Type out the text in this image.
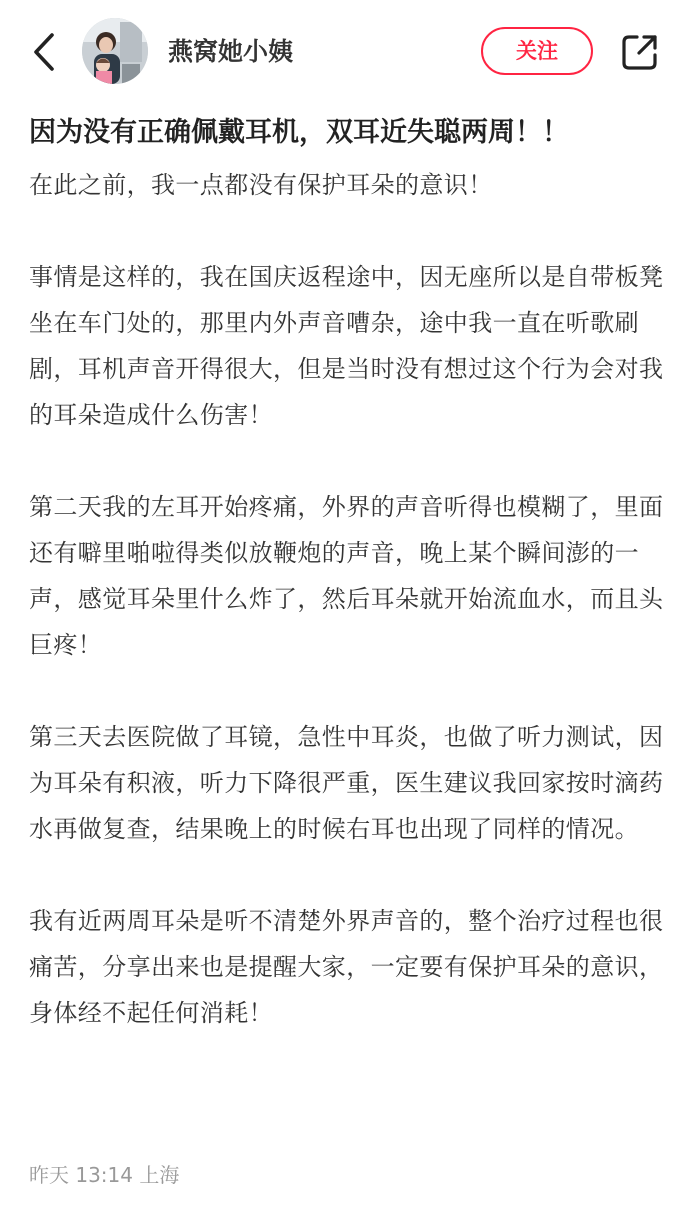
燕窝她小姨	关注
因为没有正确佩戴耳机，双耳近失聪两周！！

在此之前，我一点都没有保护耳朵的意识！

事情是这样的，我在国庆返程途中，因无座所以是自带板凳坐在车门处的，那里内外声音嘈杂，途中我一直在听歌刷剧，耳机声音开得很大，但是当时没有想过这个行为会对我的耳朵造成什么伤害！

第二天我的左耳开始疼痛，外界的声音听得也模糊了，里面还有噼里啪啦得类似放鞭炮的声音，晚上某个瞬间澎的一声，感觉耳朵里什么炸了，然后耳朵就开始流血水，而且头巨疼！

第三天去医院做了耳镜，急性中耳炎，也做了听力测试，因为耳朵有积液，听力下降很严重，医生建议我回家按时滴药水再做复查，结果晚上的时候右耳也出现了同样的情况。

我有近两周耳朵是听不清楚外界声音的，整个治疗过程也很痛苦，分享出来也是提醒大家，一定要有保护耳朵的意识，身体经不起任何消耗！

昨天 13:14 上海
